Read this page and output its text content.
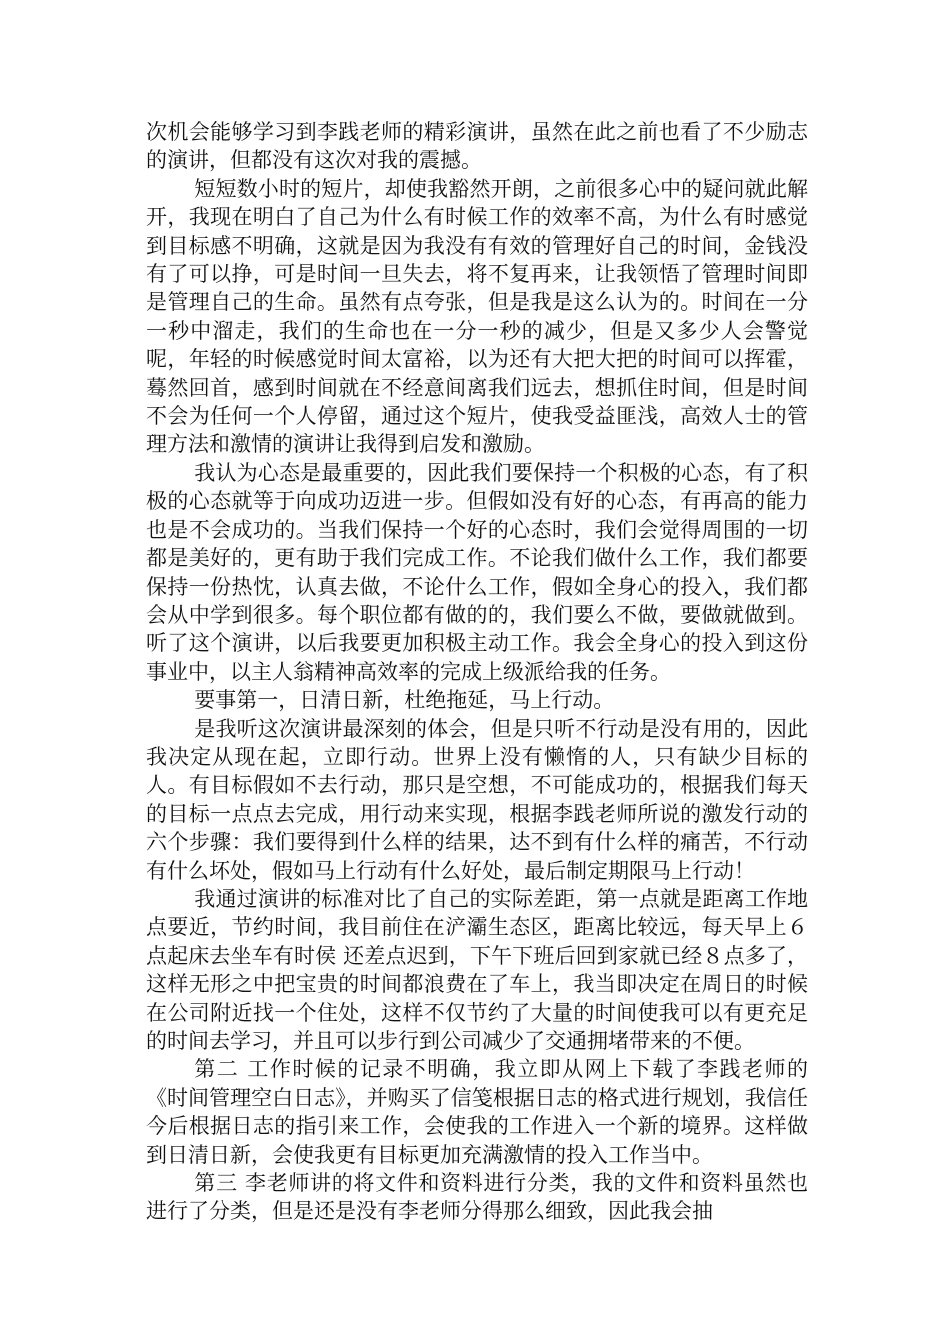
次机会能够学习到李践老师的精彩演讲，虽然在此之前也看了不少励志的演讲，但都没有这次对我的震撼。

短短数小时的短片，却使我豁然开朗，之前很多心中的疑问就此解开，我现在明白了自己为什么有时候工作的效率不高，为什么有时感觉到目标感不明确，这就是因为我没有有效的管理好自己的时间，金钱没有了可以挣，可是时间一旦失去，将不复再来，让我领悟了管理时间即是管理自己的生命。虽然有点夸张，但是我是这么认为的。时间在一分一秒中溜走，我们的生命也在一分一秒的减少，但是又多少人会警觉呢，年轻的时候感觉时间太富裕，以为还有大把大把的时间可以挥霍，蓦然回首，感到时间就在不经意间离我们远去，想抓住时间，但是时间不会为任何一个人停留，通过这个短片，使我受益匪浅，高效人士的管理方法和激情的演讲让我得到启发和激励。

我认为心态是最重要的，因此我们要保持一个积极的心态，有了积极的心态就等于向成功迈进一步。但假如没有好的心态，有再高的能力也是不会成功的。当我们保持一个好的心态时，我们会觉得周围的一切都是美好的，更有助于我们完成工作。不论我们做什么工作，我们都要保持一份热忱，认真去做，不论什么工作，假如全身心的投入，我们都会从中学到很多。每个职位都有做的的，我们要么不做，要做就做到。听了这个演讲，以后我要更加积极主动工作。我会全身心的投入到这份事业中，以主人翁精神高效率的完成上级派给我的任务。

要事第一，日清日新，杜绝拖延，马上行动。

是我听这次演讲最深刻的体会，但是只听不行动是没有用的，因此我决定从现在起，立即行动。世界上没有懒惰的人，只有缺少目标的人。有目标假如不去行动，那只是空想，不可能成功的，根据我们每天的目标一点点去完成，用行动来实现，根据李践老师所说的激发行动的六个步骤：我们要得到什么样的结果，达不到有什么样的痛苦，不行动有什么坏处，假如马上行动有什么好处，最后制定期限马上行动！

我通过演讲的标准对比了自己的实际差距，第一点就是距离工作地点要近，节约时间，我目前住在浐灞生态区，距离比较远，每天早上６点起床去坐车有时侯 还差点迟到，下午下班后回到家就已经８点多了，这样无形之中把宝贵的时间都浪费在了车上，我当即决定在周日的时候在公司附近找一个住处，这样不仅节约了大量的时间使我可以有更充足的时间去学习，并且可以步行到公司减少了交通拥堵带来的不便。

第二 工作时候的记录不明确，我立即从网上下载了李践老师的《时间管理空白日志》，并购买了信笺根据日志的格式进行规划，我信任今后根据日志的指引来工作，会使我的工作进入一个新的境界。这样做到日清日新，会使我更有目标更加充满激情的投入工作当中。

第三 李老师讲的将文件和资料进行分类，我的文件和资料虽然也进行了分类，但是还是没有李老师分得那么细致，因此我会抽
